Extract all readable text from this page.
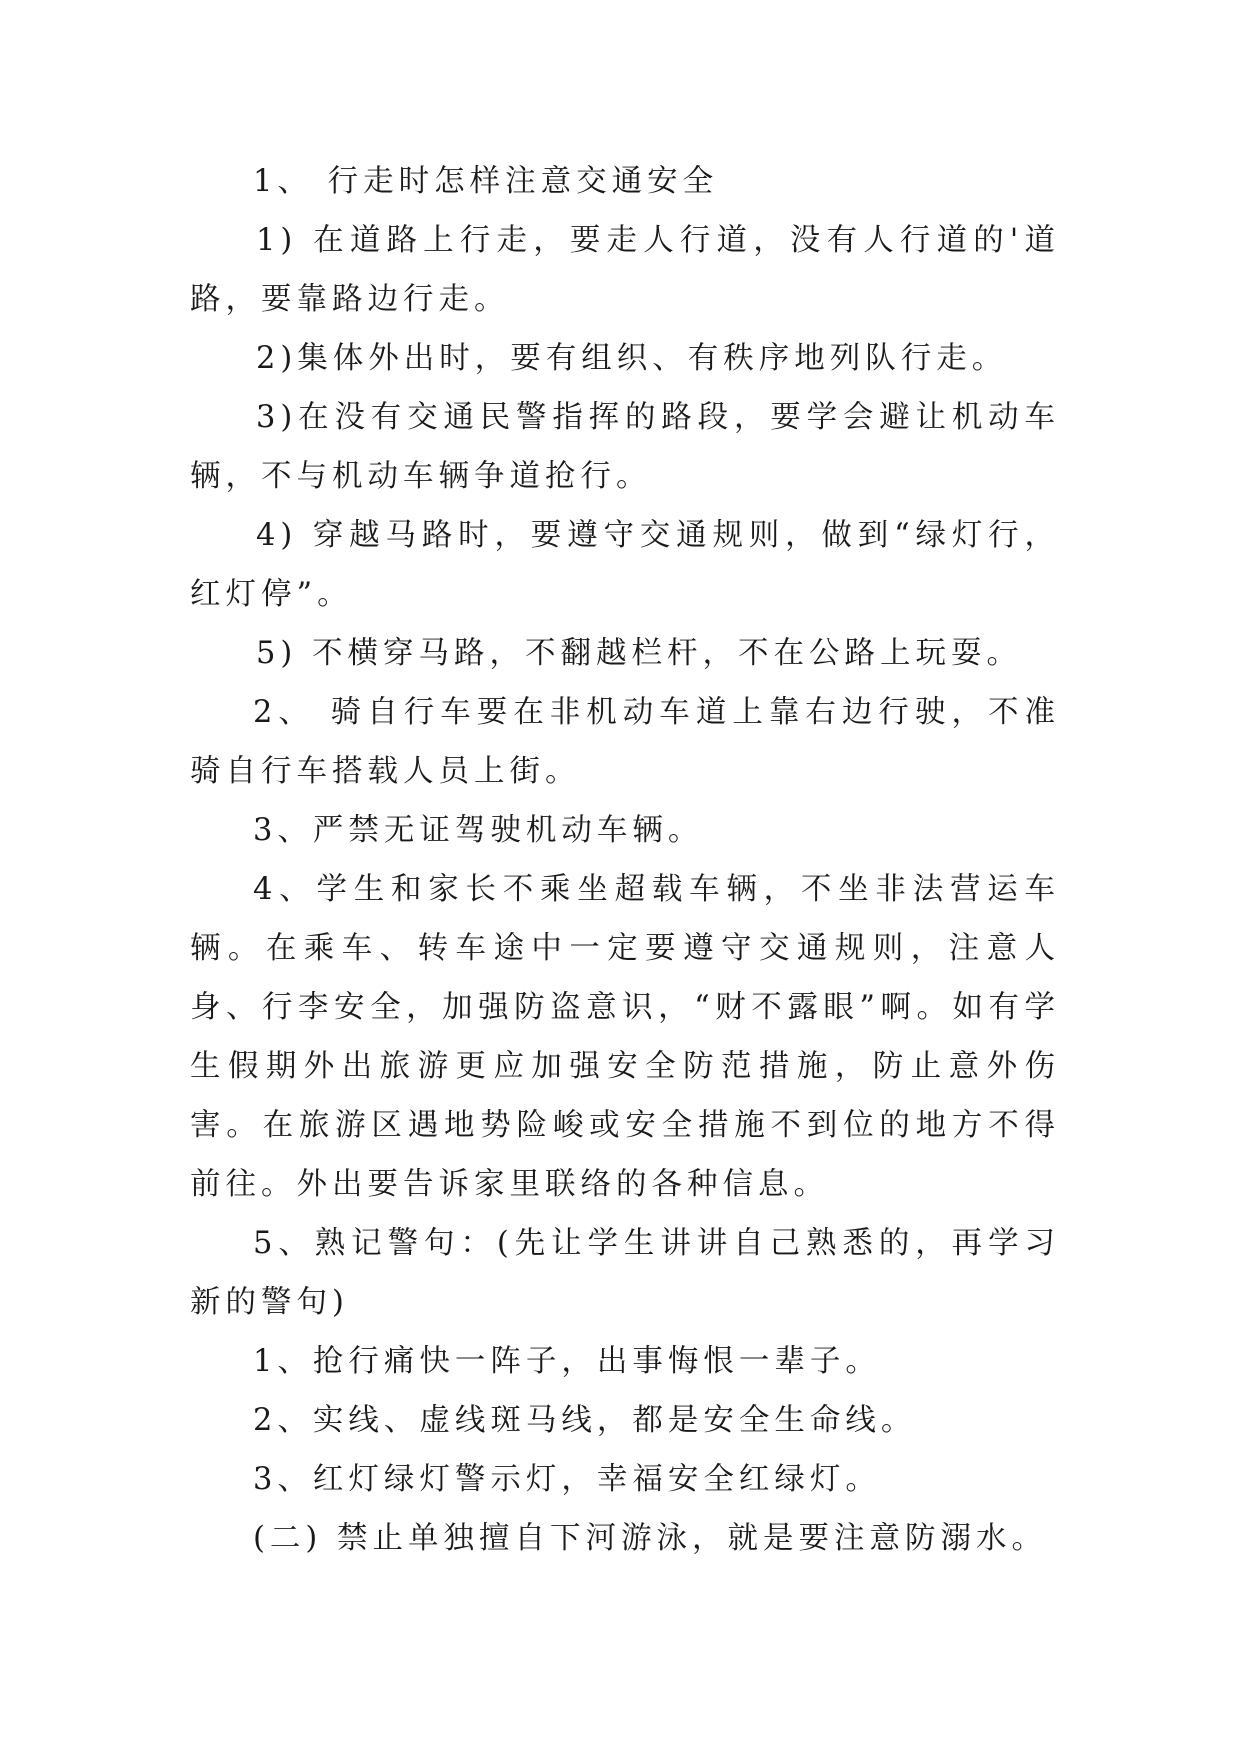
1、 行走时怎样注意交通安全

1) 在道路上行走，要走人行道，没有人行道的'道路，要靠路边行走。

2)集体外出时，要有组织、有秩序地列队行走。

3)在没有交通民警指挥的路段，要学会避让机动车辆，不与机动车辆争道抢行。

4) 穿越马路时，要遵守交通规则，做到“绿灯行，红灯停”。

5) 不横穿马路，不翻越栏杆，不在公路上玩耍。

2、 骑自行车要在非机动车道上靠右边行驶，不准骑自行车搭载人员上街。

3、严禁无证驾驶机动车辆。

4、学生和家长不乘坐超载车辆，不坐非法营运车辆。在乘车、转车途中一定要遵守交通规则，注意人身、行李安全，加强防盗意识，“财不露眼”啊。如有学生假期外出旅游更应加强安全防范措施，防止意外伤害。在旅游区遇地势险峻或安全措施不到位的地方不得前往。外出要告诉家里联络的各种信息。

5、熟记警句：(先让学生讲讲自己熟悉的，再学习新的警句)

1、抢行痛快一阵子，出事悔恨一辈子。

2、实线、虚线斑马线，都是安全生命线。

3、红灯绿灯警示灯，幸福安全红绿灯。

(二) 禁止单独擅自下河游泳，就是要注意防溺水。
